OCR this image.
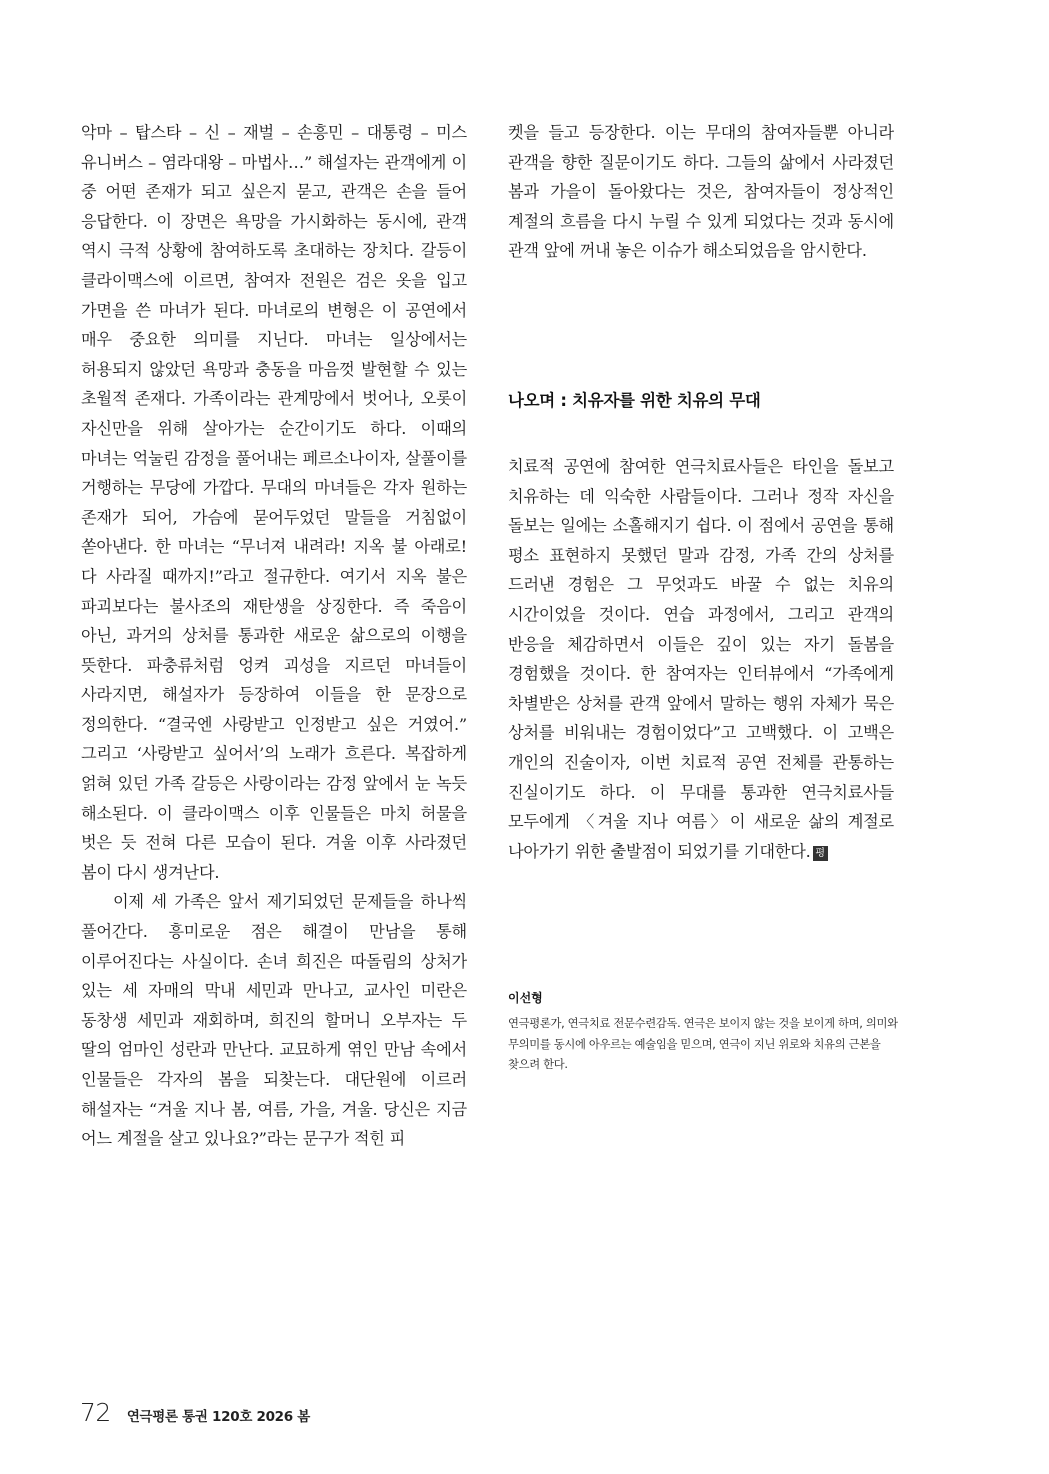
악마 – 탑스타 – 신 – 재벌 – 손흥민 – 대통령 – 미스 유니버스 – 염라대왕 – 마법사…” 해설자는 관객에게 이 중 어떤 존재가 되고 싶은지 묻고, 관객은 손을 들어 응답한다. 이 장면은 욕망을 가시화하는 동시에, 관객 역시 극적 상황에 참여하도록 초대하는 장치다. 갈등이 클라이맥스에 이르면, 참여자 전원은 검은 옷을 입고 가면을 쓴 마녀가 된다. 마녀로의 변형은 이 공연에서 매우 중요한 의미를 지닌다. 마녀는 일상에서는 허용되지 않았던 욕망과 충동을 마음껏 발현할 수 있는 초월적 존재다. 가족이라는 관계망에서 벗어나, 오롯이 자신만을 위해 살아가는 순간이기도 하다. 이때의 마녀는 억눌린 감정을 풀어내는 페르소나이자, 살풀이를 거행하는 무당에 가깝다. 무대의 마녀들은 각자 원하는 존재가 되어, 가슴에 묻어두었던 말들을 거침없이 쏟아낸다. 한 마녀는 “무너져 내려라! 지옥 불 아래로! 다 사라질 때까지!”라고 절규한다. 여기서 지옥 불은 파괴보다는 불사조의 재탄생을 상징한다. 즉 죽음이 아닌, 과거의 상처를 통과한 새로운 삶으로의 이행을 뜻한다. 파충류처럼 엉켜 괴성을 지르던 마녀들이 사라지면, 해설자가 등장하여 이들을 한 문장으로 정의한다. “결국엔 사랑받고 인정받고 싶은 거였어.” 그리고 ‘사랑받고 싶어서’의 노래가 흐른다. 복잡하게 얽혀 있던 가족 갈등은 사랑이라는 감정 앞에서 눈 녹듯 해소된다. 이 클라이맥스 이후 인물들은 마치 허물을 벗은 듯 전혀 다른 모습이 된다. 겨울 이후 사라졌던 봄이 다시 생겨난다.

이제 세 가족은 앞서 제기되었던 문제들을 하나씩 풀어간다. 흥미로운 점은 해결이 만남을 통해 이루어진다는 사실이다. 손녀 희진은 따돌림의 상처가 있는 세 자매의 막내 세민과 만나고, 교사인 미란은 동창생 세민과 재회하며, 희진의 할머니 오부자는 두 딸의 엄마인 성란과 만난다. 교묘하게 엮인 만남 속에서 인물들은 각자의 봄을 되찾는다. 대단원에 이르러 해설자는 “겨울 지나 봄, 여름, 가을, 겨울. 당신은 지금 어느 계절을 살고 있나요?”라는 문구가 적힌 피

켓을 들고 등장한다. 이는 무대의 참여자들뿐 아니라 관객을 향한 질문이기도 하다. 그들의 삶에서 사라졌던 봄과 가을이 돌아왔다는 것은, 참여자들이 정상적인 계절의 흐름을 다시 누릴 수 있게 되었다는 것과 동시에 관객 앞에 꺼내 놓은 이슈가 해소되었음을 암시한다.

나오며 : 치유자를 위한 치유의 무대

치료적 공연에 참여한 연극치료사들은 타인을 돌보고 치유하는 데 익숙한 사람들이다. 그러나 정작 자신을 돌보는 일에는 소홀해지기 쉽다. 이 점에서 공연을 통해 평소 표현하지 못했던 말과 감정, 가족 간의 상처를 드러낸 경험은 그 무엇과도 바꿀 수 없는 치유의 시간이었을 것이다. 연습 과정에서, 그리고 관객의 반응을 체감하면서 이들은 깊이 있는 자기 돌봄을 경험했을 것이다. 한 참여자는 인터뷰에서 “가족에게 차별받은 상처를 관객 앞에서 말하는 행위 자체가 묵은 상처를 비워내는 경험이었다”고 고백했다. 이 고백은 개인의 진술이자, 이번 치료적 공연 전체를 관통하는 진실이기도 하다. 이 무대를 통과한 연극치료사들 모두에게 〈겨울 지나 여름〉이 새로운 삶의 계절로 나아가기 위한 출발점이 되었기를 기대한다. 평

이선형

연극평론가, 연극치료 전문수련감독. 연극은 보이지 않는 것을 보이게 하며, 의미와 무의미를 동시에 아우르는 예술임을 믿으며, 연극이 지닌 위로와 치유의 근본을 찾으려 한다.

72 연극평론 통권 120호 2026 봄
